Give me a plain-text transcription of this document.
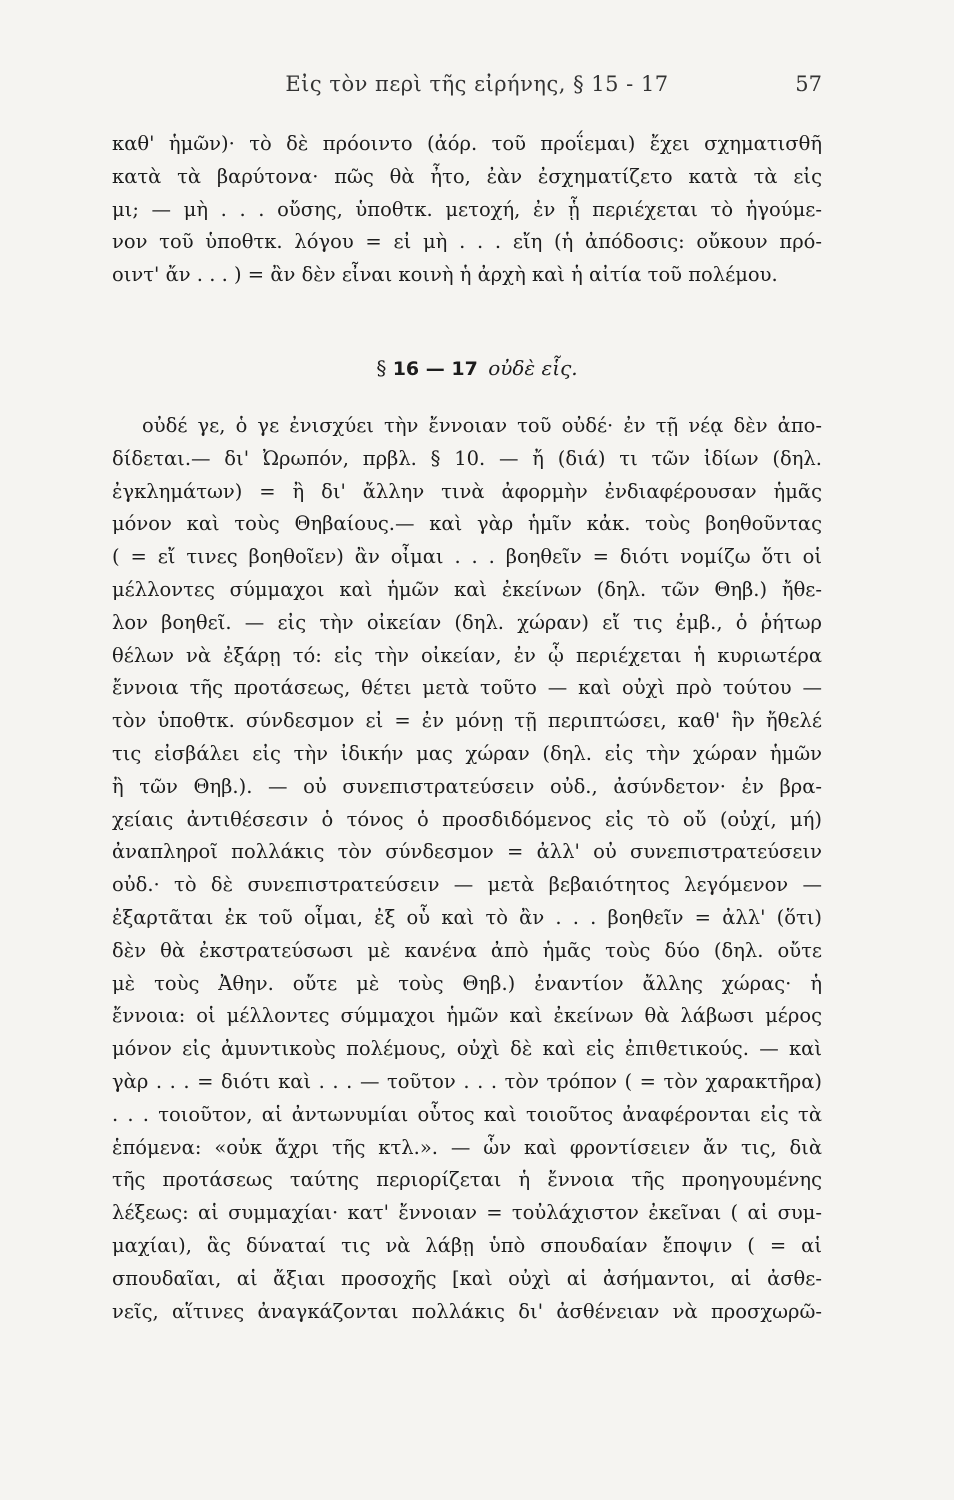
Εἰς τὸν περὶ τῆς εἰρήνης, § 15 - 17	57
καθ' ἡμῶν)· τὸ δὲ πρόοιντο (ἀόρ. τοῦ προΐεμαι) ἔχει σχηματισθῆ
κατὰ τὰ βαρύτονα· πῶς θὰ ἦτο, ἐὰν ἐσχηματίζετο κατὰ τὰ εἰς
μι; — μὴ . . . οὔσης, ὑποθτκ. μετοχή, ἐν ᾗ περιέχεται τὸ ἡγούμε-
νον τοῦ ὑποθτκ. λόγου = εἰ μὴ . . . εἴη (ἡ ἀπόδοσις: οὔκουν πρό-
οιντ' ἄν . . . ) = ἂν δὲν εἶναι κοινὴ ἡ ἀρχὴ καὶ ἡ αἰτία τοῦ πολέμου.
§ 16 — 17 οὐδὲ εἷς.
οὐδέ γε, ὁ γε ἐνισχύει τὴν ἔννοιαν τοῦ οὐδέ· ἐν τῇ νέᾳ δὲν ἀπο-
δίδεται.— δι' Ὠρωπόν, πρβλ. § 10. — ἤ (διά) τι τῶν ἰδίων (δηλ.
ἐγκλημάτων) = ἢ δι' ἄλλην τινὰ ἀφορμὴν ἐνδιαφέρουσαν ἡμᾶς
μόνον καὶ τοὺς Θηβαίους.— καὶ γὰρ ἡμῖν κἀκ. τοὺς βοηθοῦντας
( = εἴ τινες βοηθοῖεν) ἂν οἶμαι . . . βοηθεῖν = διότι νομίζω ὅτι οἱ
μέλλοντες σύμμαχοι καὶ ἡμῶν καὶ ἐκείνων (δηλ. τῶν Θηβ.) ἤθε-
λον βοηθεῖ. — εἰς τὴν οἰκείαν (δηλ. χώραν) εἴ τις ἐμβ., ὁ ῥήτωρ
θέλων νὰ ἐξάρῃ τό: εἰς τὴν οἰκείαν, ἐν ᾧ περιέχεται ἡ κυριωτέρα
ἔννοια τῆς προτάσεως, θέτει μετὰ τοῦτο — καὶ οὐχὶ πρὸ τούτου —
τὸν ὑποθτκ. σύνδεσμον εἰ = ἐν μόνῃ τῇ περιπτώσει, καθ' ἣν ἤθελέ
τις εἰσβάλει εἰς τὴν ἰδικήν μας χώραν (δηλ. εἰς τὴν χώραν ἡμῶν
ἢ τῶν Θηβ.). — οὐ συνεπιστρατεύσειν οὐδ., ἀσύνδετον· ἐν βρα-
χείαις ἀντιθέσεσιν ὁ τόνος ὁ προσδιδόμενος εἰς τὸ οὔ (οὐχί, μή)
ἀναπληροῖ πολλάκις τὸν σύνδεσμον = ἀλλ' οὐ συνεπιστρατεύσειν
οὐδ.· τὸ δὲ συνεπιστρατεύσειν — μετὰ βεβαιότητος λεγόμενον —
ἐξαρτᾶται ἐκ τοῦ οἶμαι, ἐξ οὗ καὶ τὸ ἂν . . . βοηθεῖν = ἀλλ' (ὅτι)
δὲν θὰ ἐκστρατεύσωσι μὲ κανένα ἀπὸ ἡμᾶς τοὺς δύο (δηλ. οὔτε
μὲ τοὺς Ἀθην. οὔτε μὲ τοὺς Θηβ.) ἐναντίον ἄλλης χώρας· ἡ
ἔννοια: οἱ μέλλοντες σύμμαχοι ἡμῶν καὶ ἐκείνων θὰ λάβωσι μέρος
μόνον εἰς ἀμυντικοὺς πολέμους, οὐχὶ δὲ καὶ εἰς ἐπιθετικούς. — καὶ
γὰρ . . . = διότι καὶ . . . — τοῦτον . . . τὸν τρόπον ( = τὸν χαρακτῆρα)
. . . τοιοῦτον, αἱ ἀντωνυμίαι οὗτος καὶ τοιοῦτος ἀναφέρονται εἰς τὰ
ἑπόμενα: «οὐκ ἄχρι τῆς κτλ.». — ὧν καὶ φροντίσειεν ἄν τις, διὰ
τῆς προτάσεως ταύτης περιορίζεται ἡ ἔννοια τῆς προηγουμένης
λέξεως: αἱ συμμαχίαι· κατ' ἔννοιαν = τοὐλάχιστον ἐκεῖναι ( αἱ συμ-
μαχίαι), ἃς δύναταί τις νὰ λάβῃ ὑπὸ σπουδαίαν ἔποψιν ( = αἱ
σπουδαῖαι, αἱ ἄξιαι προσοχῆς [καὶ οὐχὶ αἱ ἀσήμαντοι, αἱ ἀσθε-
νεῖς, αἵτινες ἀναγκάζονται πολλάκις δι' ἀσθένειαν νὰ προσχωρῶ-
